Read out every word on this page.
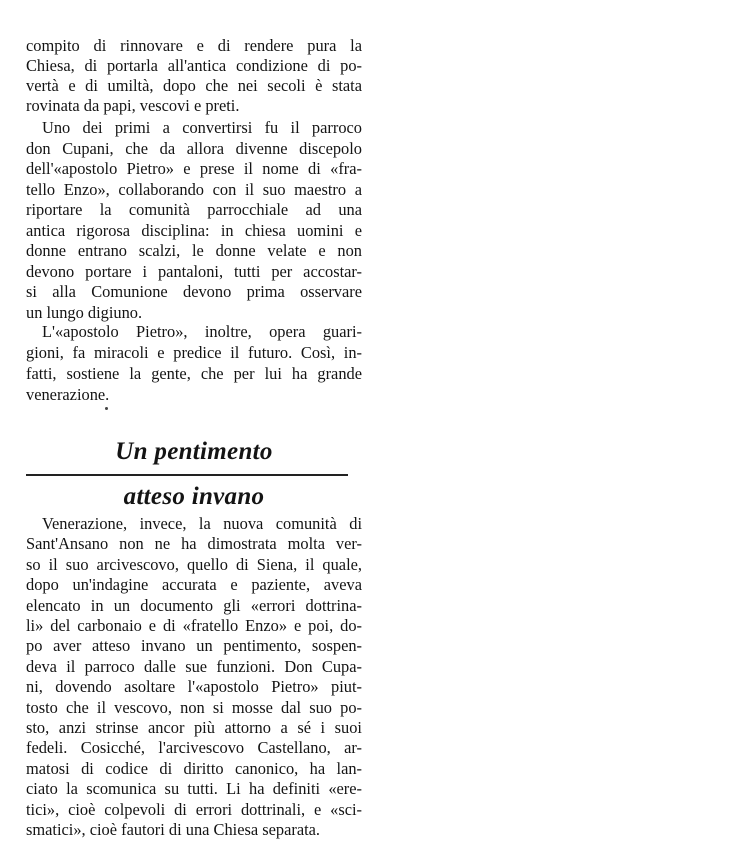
compito di rinnovare e di rendere pura la
Chiesa, di portarla all'antica condizione di po-
vertà e di umiltà, dopo che nei secoli è stata
rovinata da papi, vescovi e preti.
Uno dei primi a convertirsi fu il parroco
don Cupani, che da allora divenne discepolo
dell'«apostolo Pietro» e prese il nome di «fra-
tello Enzo», collaborando con il suo maestro a
riportare la comunità parrocchiale ad una
antica rigorosa disciplina: in chiesa uomini e
donne entrano scalzi, le donne velate e non
devono portare i pantaloni, tutti per accostar-
si alla Comunione devono prima osservare
un lungo digiuno.
L'«apostolo Pietro», inoltre, opera guari-
gioni, fa miracoli e predice il futuro. Così, in-
fatti, sostiene la gente, che per lui ha grande
venerazione.
Un pentimento
atteso invano
Venerazione, invece, la nuova comunità di
Sant'Ansano non ne ha dimostrata molta ver-
so il suo arcivescovo, quello di Siena, il quale,
dopo un'indagine accurata e paziente, aveva
elencato in un documento gli «errori dottrina-
li» del carbonaio e di «fratello Enzo» e poi, do-
po aver atteso invano un pentimento, sospen-
deva il parroco dalle sue funzioni. Don Cupa-
ni, dovendo asoltare l'«apostolo Pietro» piut-
tosto che il vescovo, non si mosse dal suo po-
sto, anzi strinse ancor più attorno a sé i suoi
fedeli. Cosicché, l'arcivescovo Castellano, ar-
matosi di codice di diritto canonico, ha lan-
ciato la scomunica su tutti. Li ha definiti «ere-
tici», cioè colpevoli di errori dottrinali, e «sci-
smatici», cioè fautori di una Chiesa separata.
